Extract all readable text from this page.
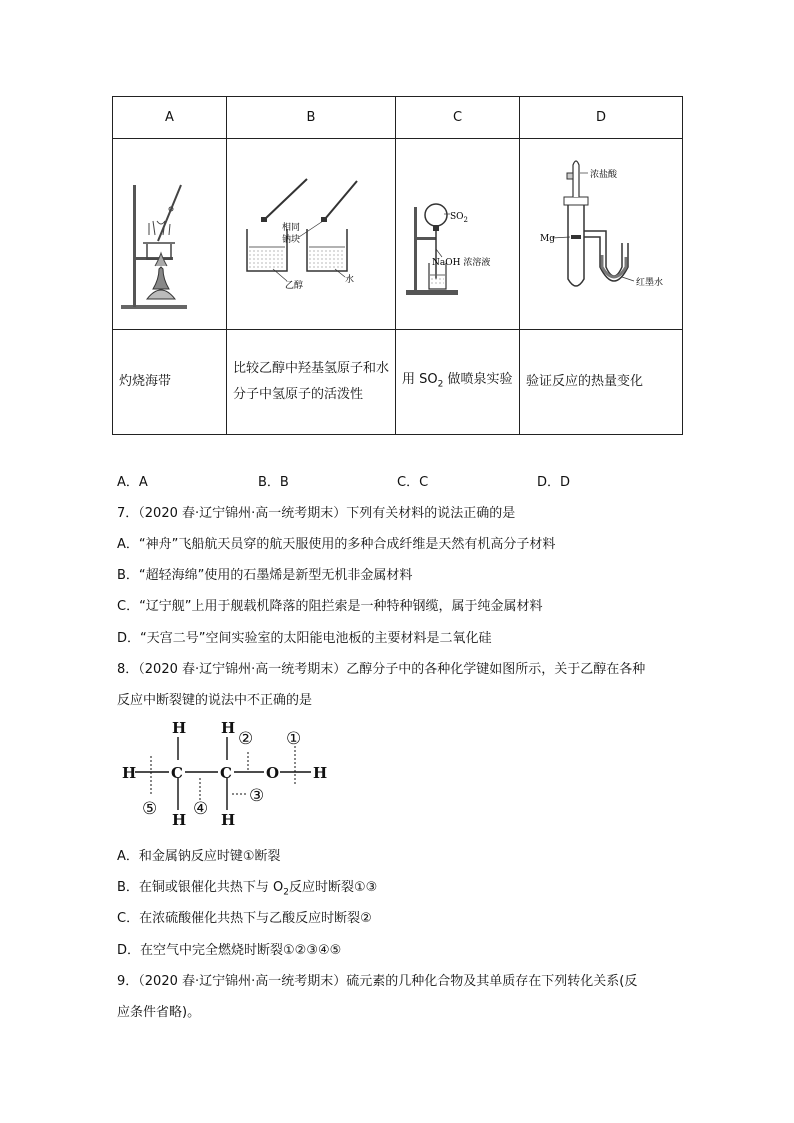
A	B	C	D

相同
钠块
乙醇
水	$SO_2$
NaOH 浓溶液	浓盐酸
Mg
红墨水

灼烧海带	比较乙醇中羟基氢原子和水分子中氢原子的活泼性	用 $SO_2$ 做喷泉实验	验证反应的热量变化
A．A	B．B	C．C	D．D
7．（2020 春·辽宁锦州·高一统考期末）下列有关材料的说法正确的是
A．“神舟”飞船航天员穿的航天服使用的多种合成纤维是天然有机高分子材料
B．“超轻海绵”使用的石墨烯是新型无机非金属材料
C．“辽宁舰”上用于舰载机降落的阻拦索是一种特种钢缆，属于纯金属材料
D．“天宫二号”空间实验室的太阳能电池板的主要材料是二氧化硅
8．（2020 春·辽宁锦州·高一统考期末）乙醇分子中的各种化学键如图所示，关于乙醇在各种
反应中断裂键的说法中不正确的是
H H
H C C O H
H H
①
②
③
④
⑤
A．和金属钠反应时键①断裂
B．在铜或银催化共热下与 $O_2$反应时断裂①③
C．在浓硫酸催化共热下与乙酸反应时断裂②
D．在空气中完全燃烧时断裂①②③④⑤
9．（2020 春·辽宁锦州·高一统考期末）硫元素的几种化合物及其单质存在下列转化关系(反
应条件省略)。
